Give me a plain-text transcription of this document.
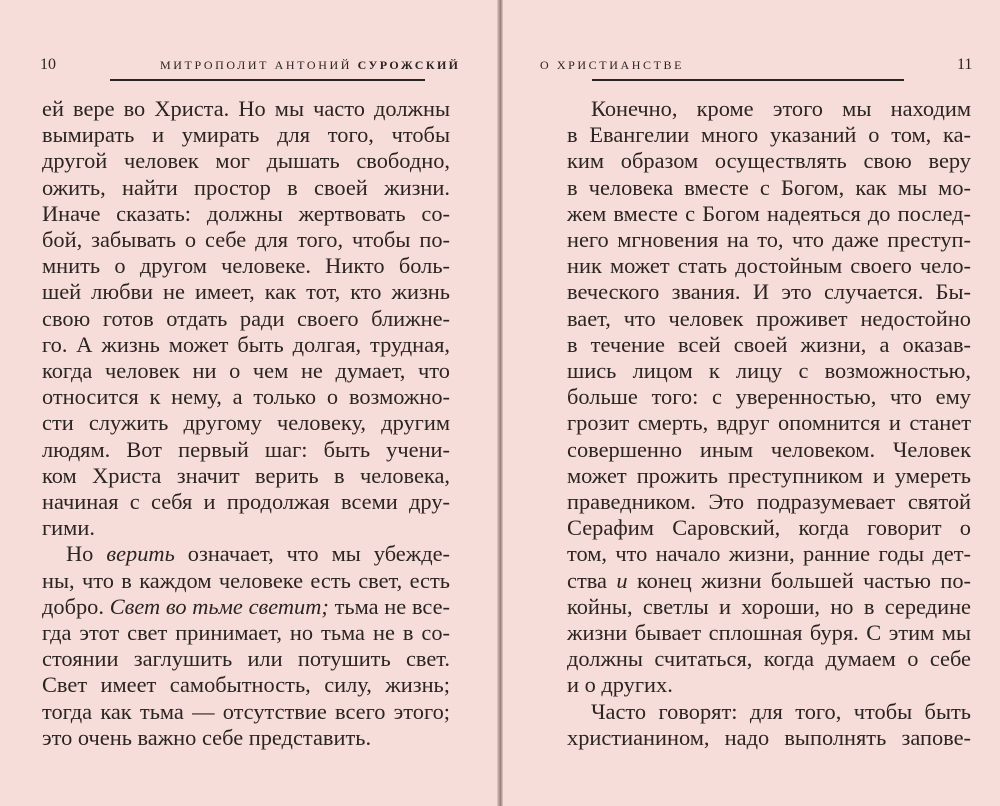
10	МИТРОПОЛИТ АНТОНИЙ СУРОЖСКИЙ
ей вере во Христа. Но мы часто должны
вымирать и умирать для того, чтобы
другой человек мог дышать свободно,
ожить, найти простор в своей жизни.
Иначе сказать: должны жертвовать со-
бой, забывать о себе для того, чтобы по-
мнить о другом человеке. Никто боль-
шей любви не имеет, как тот, кто жизнь
свою готов отдать ради своего ближне-
го. А жизнь может быть долгая, трудная,
когда человек ни о чем не думает, что
относится к нему, а только о возможно-
сти служить другому человеку, другим
людям. Вот первый шаг: быть учени-
ком Христа значит верить в человека,
начиная с себя и продолжая всеми дру-
гими.
Но верить означает, что мы убежде-
ны, что в каждом человеке есть свет, есть
добро. Свет во тьме светит; тьма не все-
гда этот свет принимает, но тьма не в со-
стоянии заглушить или потушить свет.
Свет имеет самобытность, силу, жизнь;
тогда как тьма — отсутствие всего этого;
это очень важно себе представить.
О ХРИСТИАНСТВЕ	11
Конечно, кроме этого мы находим
в Евангелии много указаний о том, ка-
ким образом осуществлять свою веру
в человека вместе с Богом, как мы мо-
жем вместе с Богом надеяться до послед-
него мгновения на то, что даже преступ-
ник может стать достойным своего чело-
веческого звания. И это случается. Бы-
вает, что человек проживет недостойно
в течение всей своей жизни, а оказав-
шись лицом к лицу с возможностью,
больше того: с уверенностью, что ему
грозит смерть, вдруг опомнится и станет
совершенно иным человеком. Человек
может прожить преступником и умереть
праведником. Это подразумевает святой
Серафим Саровский, когда говорит о
том, что начало жизни, ранние годы дет-
ства и конец жизни большей частью по-
койны, светлы и хороши, но в середине
жизни бывает сплошная буря. С этим мы
должны считаться, когда думаем о себе
и о других.
Часто говорят: для того, чтобы быть
христианином, надо выполнять запове-
